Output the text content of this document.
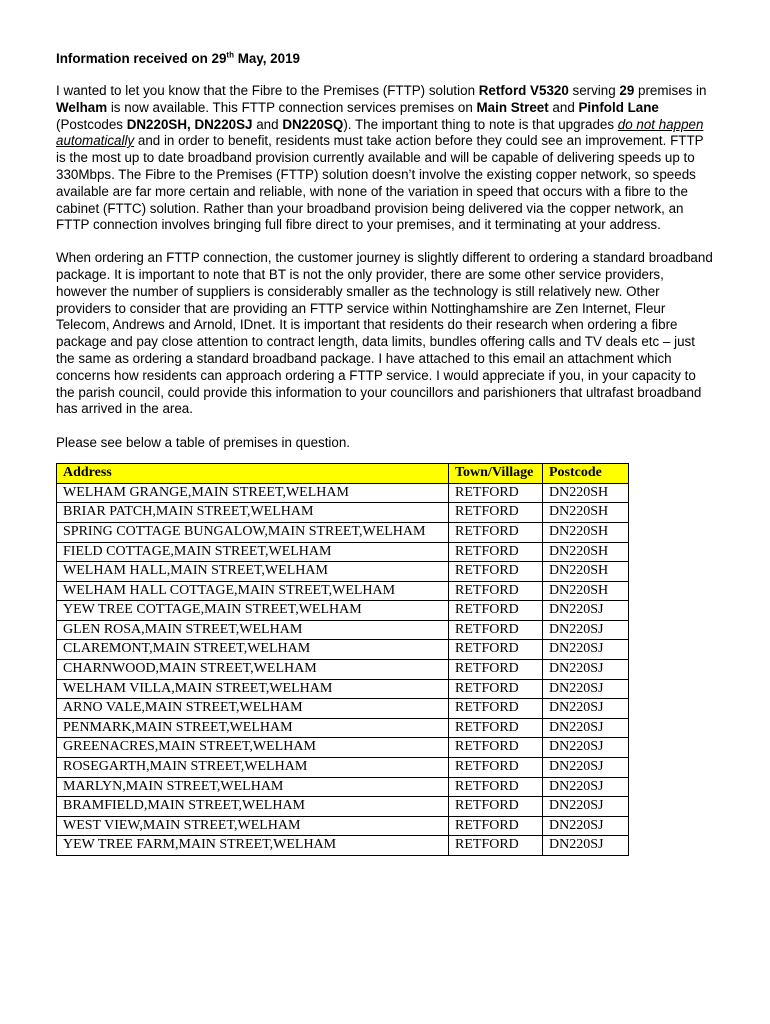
Information received on 29th May, 2019

I wanted to let you know that the Fibre to the Premises (FTTP) solution Retford V5320 serving 29 premises in Welham is now available. This FTTP connection services premises on Main Street and Pinfold Lane (Postcodes DN220SH, DN220SJ and DN220SQ). The important thing to note is that upgrades do not happen automatically and in order to benefit, residents must take action before they could see an improvement. FTTP is the most up to date broadband provision currently available and will be capable of delivering speeds up to 330Mbps. The Fibre to the Premises (FTTP) solution doesn’t involve the existing copper network, so speeds available are far more certain and reliable, with none of the variation in speed that occurs with a fibre to the cabinet (FTTC) solution. Rather than your broadband provision being delivered via the copper network, an FTTP connection involves bringing full fibre direct to your premises, and it terminating at your address.

When ordering an FTTP connection, the customer journey is slightly different to ordering a standard broadband package. It is important to note that BT is not the only provider, there are some other service providers, however the number of suppliers is considerably smaller as the technology is still relatively new. Other providers to consider that are providing an FTTP service within Nottinghamshire are Zen Internet, Fleur Telecom, Andrews and Arnold, IDnet. It is important that residents do their research when ordering a fibre package and pay close attention to contract length, data limits, bundles offering calls and TV deals etc – just the same as ordering a standard broadband package. I have attached to this email an attachment which concerns how residents can approach ordering a FTTP service. I would appreciate if you, in your capacity to the parish council, could provide this information to your councillors and parishioners that ultrafast broadband has arrived in the area.

Please see below a table of premises in question.

Address	Town/Village	Postcode
WELHAM GRANGE,MAIN STREET,WELHAM	RETFORD	DN220SH
BRIAR PATCH,MAIN STREET,WELHAM	RETFORD	DN220SH
SPRING COTTAGE BUNGALOW,MAIN STREET,WELHAM	RETFORD	DN220SH
FIELD COTTAGE,MAIN STREET,WELHAM	RETFORD	DN220SH
WELHAM HALL,MAIN STREET,WELHAM	RETFORD	DN220SH
WELHAM HALL COTTAGE,MAIN STREET,WELHAM	RETFORD	DN220SH
YEW TREE COTTAGE,MAIN STREET,WELHAM	RETFORD	DN220SJ
GLEN ROSA,MAIN STREET,WELHAM	RETFORD	DN220SJ
CLAREMONT,MAIN STREET,WELHAM	RETFORD	DN220SJ
CHARNWOOD,MAIN STREET,WELHAM	RETFORD	DN220SJ
WELHAM VILLA,MAIN STREET,WELHAM	RETFORD	DN220SJ
ARNO VALE,MAIN STREET,WELHAM	RETFORD	DN220SJ
PENMARK,MAIN STREET,WELHAM	RETFORD	DN220SJ
GREENACRES,MAIN STREET,WELHAM	RETFORD	DN220SJ
ROSEGARTH,MAIN STREET,WELHAM	RETFORD	DN220SJ
MARLYN,MAIN STREET,WELHAM	RETFORD	DN220SJ
BRAMFIELD,MAIN STREET,WELHAM	RETFORD	DN220SJ
WEST VIEW,MAIN STREET,WELHAM	RETFORD	DN220SJ
YEW TREE FARM,MAIN STREET,WELHAM	RETFORD	DN220SJ
